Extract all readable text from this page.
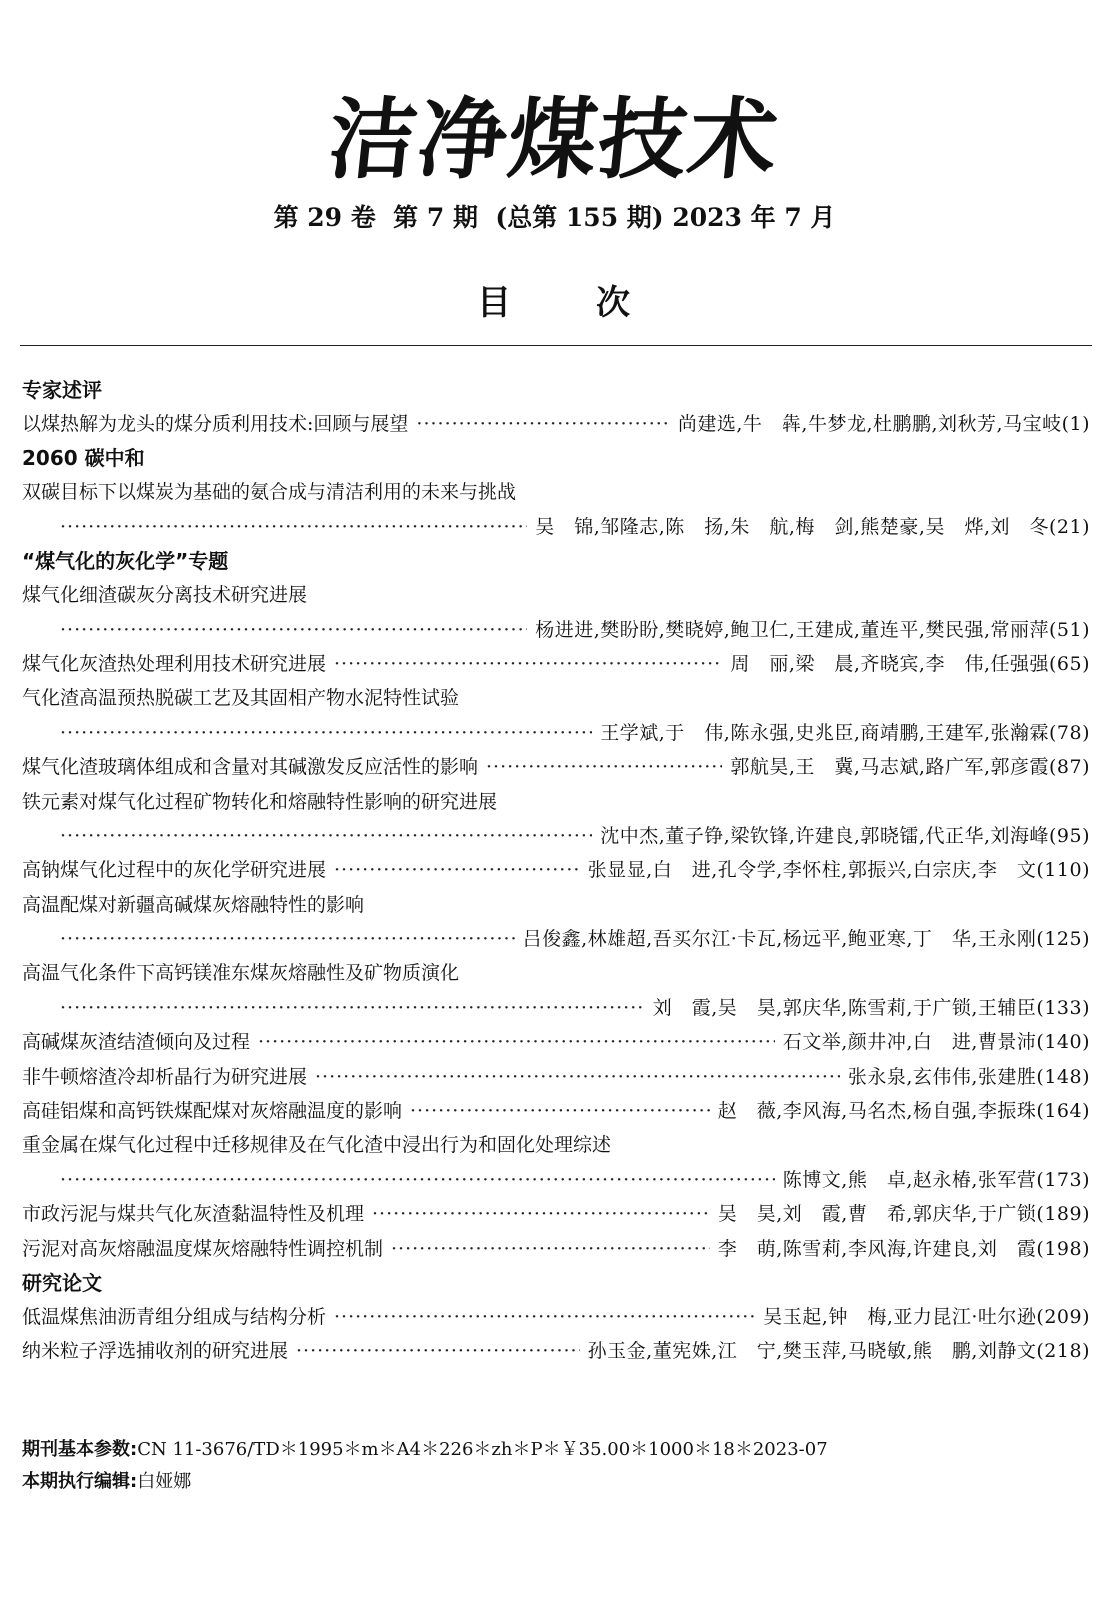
洁净煤技术
第 29 卷  第 7 期  (总第 155 期) 2023 年 7 月
目      次
专家述评
以煤热解为龙头的煤分质利用技术:回顾与展望 ·····	尚建选,牛　犇,牛梦龙,杜鹏鹏,刘秋芳,马宝岐(1)
2060 碳中和
双碳目标下以煤炭为基础的氨合成与清洁利用的未来与挑战
·····
吴　锦,邹隆志,陈　扬,朱　航,梅　剑,熊楚豪,吴　烨,刘　冬(21)
“煤气化的灰化学”专题
煤气化细渣碳灰分离技术研究进展
·····
杨进进,樊盼盼,樊晓婷,鲍卫仁,王建成,董连平,樊民强,常丽萍(51)
煤气化灰渣热处理利用技术研究进展 ·····	周　丽,梁　晨,齐晓宾,李　伟,任强强(65)
气化渣高温预热脱碳工艺及其固相产物水泥特性试验
·····
王学斌,于　伟,陈永强,史兆臣,商靖鹏,王建军,张瀚霖(78)
煤气化渣玻璃体组成和含量对其碱激发反应活性的影响 ·····	郭航昊,王　冀,马志斌,路广军,郭彦霞(87)
铁元素对煤气化过程矿物转化和熔融特性影响的研究进展
·····
沈中杰,董子铮,梁钦锋,许建良,郭晓镭,代正华,刘海峰(95)
高钠煤气化过程中的灰化学研究进展 ·····	张显显,白　进,孔令学,李怀柱,郭振兴,白宗庆,李　文(110)
高温配煤对新疆高碱煤灰熔融特性的影响
·····
吕俊鑫,林雄超,吾买尔江·卡瓦,杨远平,鲍亚寒,丁　华,王永刚(125)
高温气化条件下高钙镁准东煤灰熔融性及矿物质演化
·····
刘　霞,吴　昊,郭庆华,陈雪莉,于广锁,王辅臣(133)
高碱煤灰渣结渣倾向及过程 ·····	石文举,颜井冲,白　进,曹景沛(140)
非牛顿熔渣冷却析晶行为研究进展 ·····	张永泉,玄伟伟,张建胜(148)
高硅铝煤和高钙铁煤配煤对灰熔融温度的影响 ·····	赵　薇,李风海,马名杰,杨自强,李振珠(164)
重金属在煤气化过程中迁移规律及在气化渣中浸出行为和固化处理综述
·····
陈博文,熊　卓,赵永椿,张军营(173)
市政污泥与煤共气化灰渣黏温特性及机理 ·····	吴　昊,刘　霞,曹　希,郭庆华,于广锁(189)
污泥对高灰熔融温度煤灰熔融特性调控机制 ·····	李　萌,陈雪莉,李风海,许建良,刘　霞(198)
研究论文
低温煤焦油沥青组分组成与结构分析 ·····	吴玉起,钟　梅,亚力昆江·吐尔逊(209)
纳米粒子浮选捕收剂的研究进展 ·····	孙玉金,董宪姝,江　宁,樊玉萍,马晓敏,熊　鹏,刘静文(218)
期刊基本参数:CN 11-3676/TD＊1995＊m＊A4＊226＊zh＊P＊￥35.00＊1000＊18＊2023-07
本期执行编辑:白娅娜
